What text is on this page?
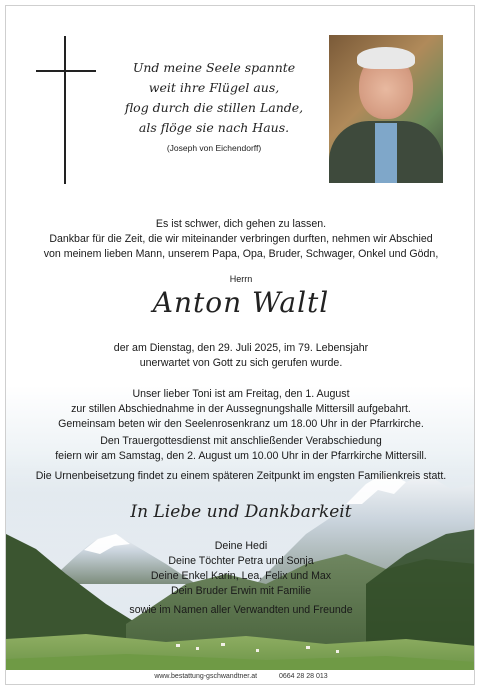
Und meine Seele spannte
weit ihre Flügel aus,
flog durch die stillen Lande,
als flöge sie nach Haus.
(Joseph von Eichendorff)
Es ist schwer, dich gehen zu lassen.
Dankbar für die Zeit, die wir miteinander verbringen durften, nehmen wir Abschied
von meinem lieben Mann, unserem Papa, Opa, Bruder, Schwager, Onkel und Gödn,
Herrn
Anton Waltl
der am Dienstag, den 29. Juli 2025, im 79. Lebensjahr
unerwartet von Gott zu sich gerufen wurde.
Unser lieber Toni ist am Freitag, den 1. August
zur stillen Abschiednahme in der Aussegnungshalle Mittersill aufgebahrt.
Gemeinsam beten wir den Seelenrosenkranz um 18.00 Uhr in der Pfarrkirche.
Den Trauergottesdienst mit anschließender Verabschiedung
feiern wir am Samstag, den 2. August um 10.00 Uhr in der Pfarrkirche Mittersill.
Die Urnenbeisetzung findet zu einem späteren Zeitpunkt im engsten Familienkreis statt.
In Liebe und Dankbarkeit
Deine Hedi
Deine Töchter Petra und Sonja
Deine Enkel Karin, Lea, Felix und Max
Dein Bruder Erwin mit Familie
sowie im Namen aller Verwandten und Freunde
www.bestattung-gschwandtner.at	0664 28 28 013
